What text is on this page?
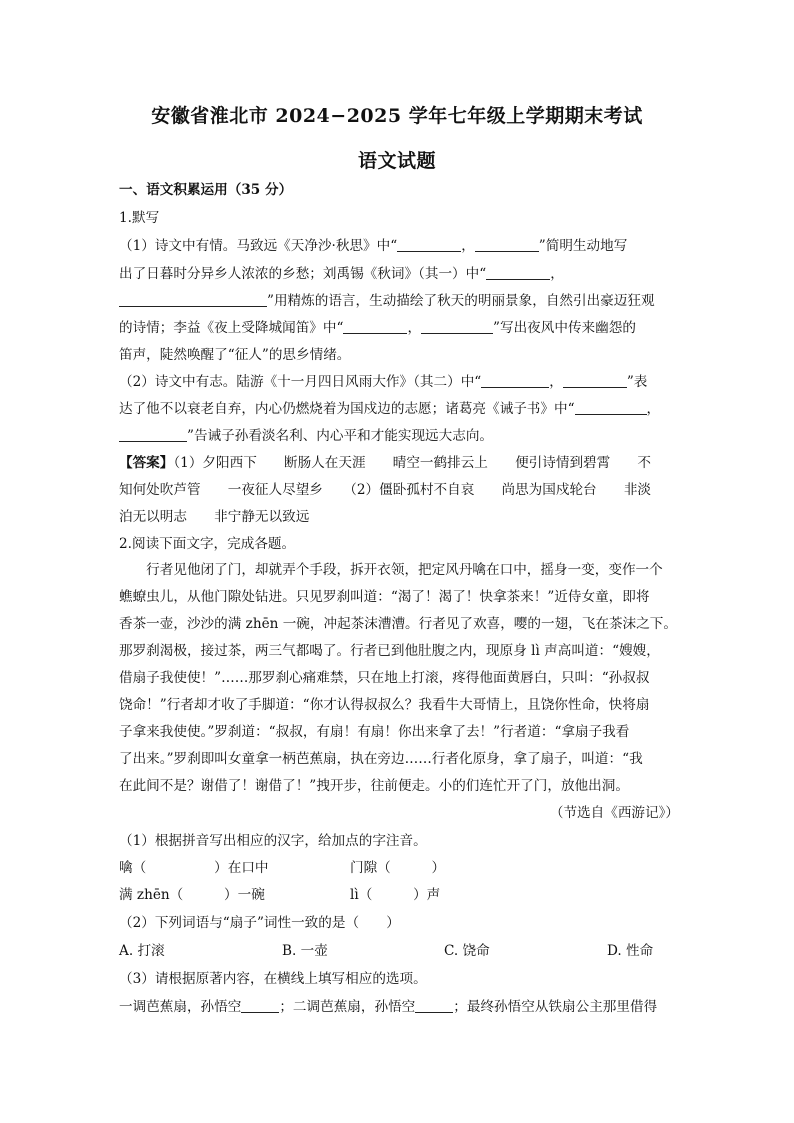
安徽省淮北市 2024−2025 学年七年级上学期期末考试
语文试题
一、语文积累运用（35 分）
1.默写
（1）诗文中有情。马致远《天净沙·秋思》中“	，	”简明生动地写
出了日暮时分异乡人浓浓的乡愁；刘禹锡《秋词》（其一）中“	，
”用精炼的语言，生动描绘了秋天的明丽景象，自然引出豪迈狂观
的诗情；李益《夜上受降城闻笛》中“	，	”写出夜风中传来幽怨的
笛声，陡然唤醒了“征人”的思乡情绪。
（2）诗文中有志。陆游《十一月四日风雨大作》（其二）中“	，	”表
达了他不以衰老自弃，内心仍燃烧着为国戍边的志愿；诸葛亮《诫子书》中“	，
”告诫子孙看淡名利、内心平和才能实现远大志向。
【答案】（1）夕阳西下　　断肠人在天涯　　晴空一鹤排云上　　便引诗情到碧霄　　不
知何处吹芦管　　一夜征人尽望乡　　（2）僵卧孤村不自哀　　尚思为国戍轮台　　非淡
泊无以明志　　非宁静无以致远
2.阅读下面文字，完成各题。
　　行者见他闭了门，却就弄个手段，拆开衣领，把定风丹噙在口中，摇身一变，变作一个
蟭蟟虫儿，从他门隙处钻进。只见罗刹叫道：“渴了！渴了！快拿茶来！”近侍女童，即将
香茶一壶，沙沙的满 zhēn 一碗，冲起茶沫漕漕。行者见了欢喜，嘤的一翅，飞在茶沫之下。
那罗刹渴极，接过茶，两三气都喝了。行者已到他肚腹之内，现原身 lì 声高叫道：“嫂嫂，
借扇子我使使！”……那罗刹心痛难禁，只在地上打滚，疼得他面黄唇白，只叫：“孙叔叔
饶命！”行者却才收了手脚道：“你才认得叔叔么？我看牛大哥情上，且饶你性命，快将扇
子拿来我使使。”罗刹道：“叔叔，有扇！有扇！你出来拿了去！”行者道：“拿扇子我看
了出来。”罗刹即叫女童拿一柄芭蕉扇，执在旁边……行者化原身，拿了扇子，叫道：“我
在此间不是？谢借了！谢借了！”拽开步，往前便走。小的们连忙开了门，放他出洞。
（节选自《西游记》）
（1）根据拼音写出相应的汉字，给加点的字注音。
噙（　　　　　）在口中	门隙（　　　）
满 zhēn（　　　）一碗	lì（　　　）声
（2）下列词语与“扇子”词性一致的是（　　）
A. 打滚	B. 一壶	C. 饶命	D. 性命
（3）请根据原著内容，在横线上填写相应的选项。
一调芭蕉扇，孙悟空	；二调芭蕉扇，孙悟空	；最终孙悟空从铁扇公主那里借得
